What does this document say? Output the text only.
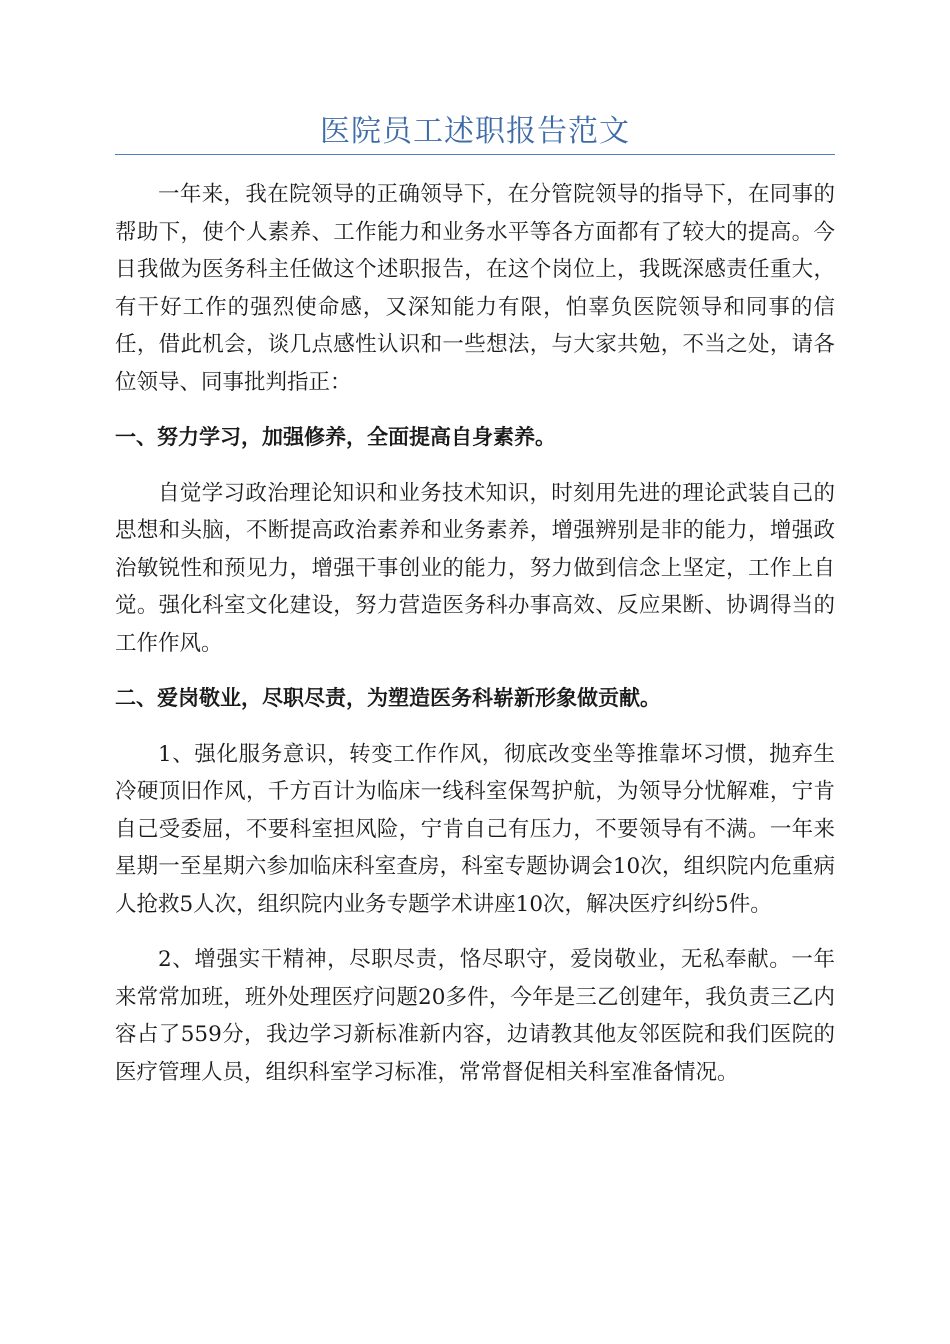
医院员工述职报告范文

一年来，我在院领导的正确领导下，在分管院领导的指导下，在同事的帮助下，使个人素养、工作能力和业务水平等各方面都有了较大的提高。今日我做为医务科主任做这个述职报告，在这个岗位上，我既深感责任重大，有干好工作的强烈使命感，又深知能力有限，怕辜负医院领导和同事的信任，借此机会，谈几点感性认识和一些想法，与大家共勉，不当之处，请各位领导、同事批判指正：

一、努力学习，加强修养，全面提高自身素养。

自觉学习政治理论知识和业务技术知识，时刻用先进的理论武装自己的思想和头脑，不断提高政治素养和业务素养，增强辨别是非的能力，增强政治敏锐性和预见力，增强干事创业的能力，努力做到信念上坚定，工作上自觉。强化科室文化建设，努力营造医务科办事高效、反应果断、协调得当的工作作风。

二、爱岗敬业，尽职尽责，为塑造医务科崭新形象做贡献。

1、强化服务意识，转变工作作风，彻底改变坐等推靠坏习惯，抛弃生冷硬顶旧作风，千方百计为临床一线科室保驾护航，为领导分忧解难，宁肯自己受委屈，不要科室担风险，宁肯自己有压力，不要领导有不满。一年来星期一至星期六参加临床科室查房，科室专题协调会10次，组织院内危重病人抢救5人次，组织院内业务专题学术讲座10次，解决医疗纠纷5件。

2、增强实干精神，尽职尽责，恪尽职守，爱岗敬业，无私奉献。一年来常常加班，班外处理医疗问题20多件，今年是三乙创建年，我负责三乙内容占了559分，我边学习新标准新内容，边请教其他友邻医院和我们医院的医疗管理人员，组织科室学习标准，常常督促相关科室准备情况。
